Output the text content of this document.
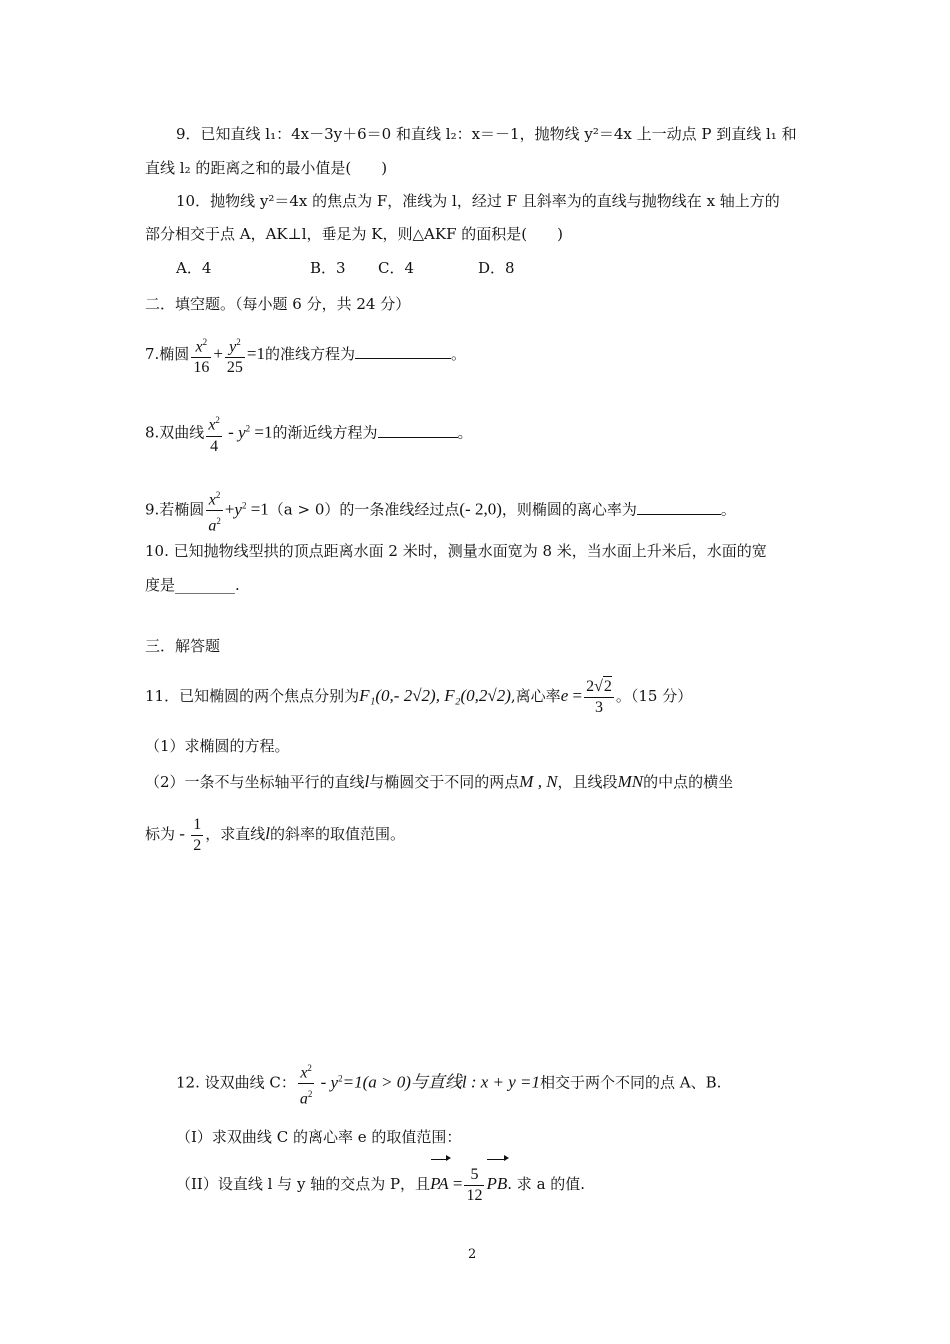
9．已知直线 l₁：4x－3y＋6＝0 和直线 l₂：x＝－1，抛物线 y²＝4x 上一动点 P 到直线 l₁ 和
直线 l₂ 的距离之和的最小值是(　　)
10．抛物线 y²＝4x 的焦点为 F，准线为 l，经过 F 且斜率为的直线与抛物线在 x 轴上方的
部分相交于点 A，AK⊥l，垂足为 K，则△AKF 的面积是(　　)
A．4	B．3 C．4	D．8
二．填空题。（每小题 6 分，共 24 分）
7.椭圆 $\frac{x^2}{16} + \frac{y^2}{25} =1$的准线方程为	。
8.双曲线 $\frac{x^2}{4} - y^2 =1$的渐近线方程为	。
9.若椭圆 $\frac{x^2}{a^2} +y^2 =1(a > 0)$的一条准线经过点(- 2,0)，则椭圆的离心率为	。
10. 已知抛物线型拱的顶点距离水面 2 米时，测量水面宽为 8 米，当水面上升米后，水面的宽
度是________.
三．解答题
11．已知椭圆的两个焦点分别为F₁(0,- 2√2), F₂(0,2√2),离心率$e = \frac{2√2}{3}$ 。（15 分）
（1）求椭圆的方程。
（2）一条不与坐标轴平行的直线l与椭圆交于不同的两点M , N，且线段MN的中点的横坐
标为 - $\frac{1}{2}$ ，求直线l的斜率的取值范围。
12. 设双曲线 C： $\frac{x^2}{a^2} - y^2=1(a > 0)$与直线l : x + y =1相交于两个不同的点 A、B.
（I）求双曲线 C 的离心率 e 的取值范围：
（II）设直线 l 与 y 轴的交点为 P，且PA = $\frac{5}{12}$ PB. 求 a 的值.
2
